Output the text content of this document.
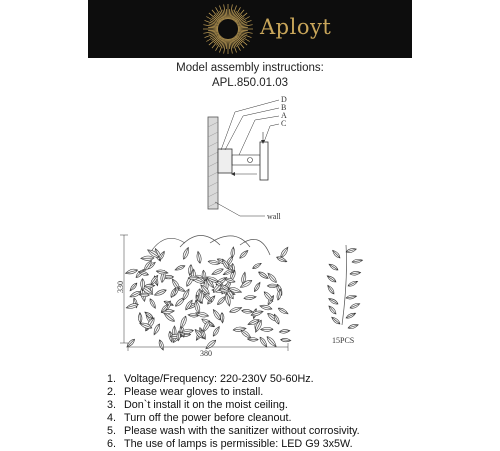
Aployt
Model assembly instructions:
APL.850.01.03
D
B
A
C
wall
330
380
15PCS
1. Voltage/Frequency: 220-230V 50-60Hz.
2. Please wear gloves to install.
3. Don`t install it on the moist ceiling.
4. Turn off the power before cleanout.
5. Please wash with the sanitizer without corrosivity.
6. The use of lamps is permissible: LED G9 3x5W.
